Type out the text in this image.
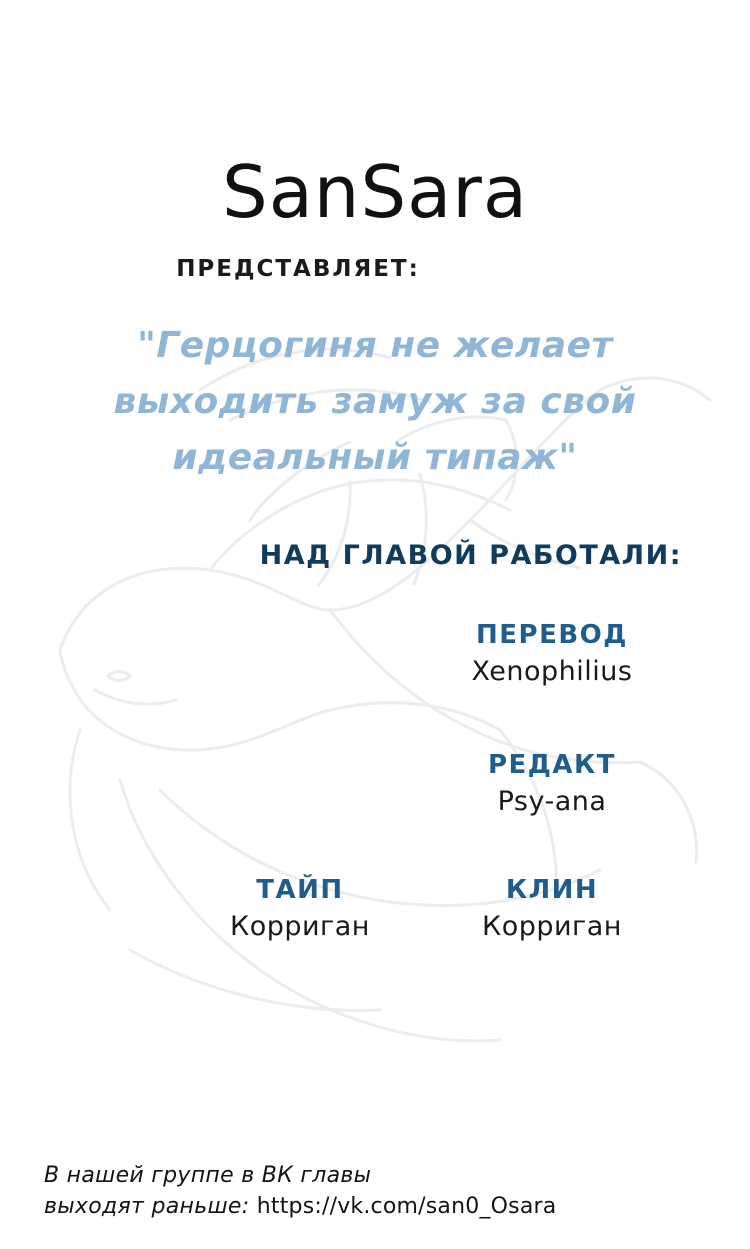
SanSara
ПРЕДСТАВЛЯЕТ:
"Герцогиня не желает выходить замуж за свой идеальный типаж"
НАД ГЛАВОЙ РАБОТАЛИ:
ПЕРЕВОД
Xenophilius
РЕДАКТ
Psy-ana
ТАЙП
Корриган
КЛИН
Корриган
В нашей группе в ВК главы
выходят раньше: https://vk.com/san0_Osara
